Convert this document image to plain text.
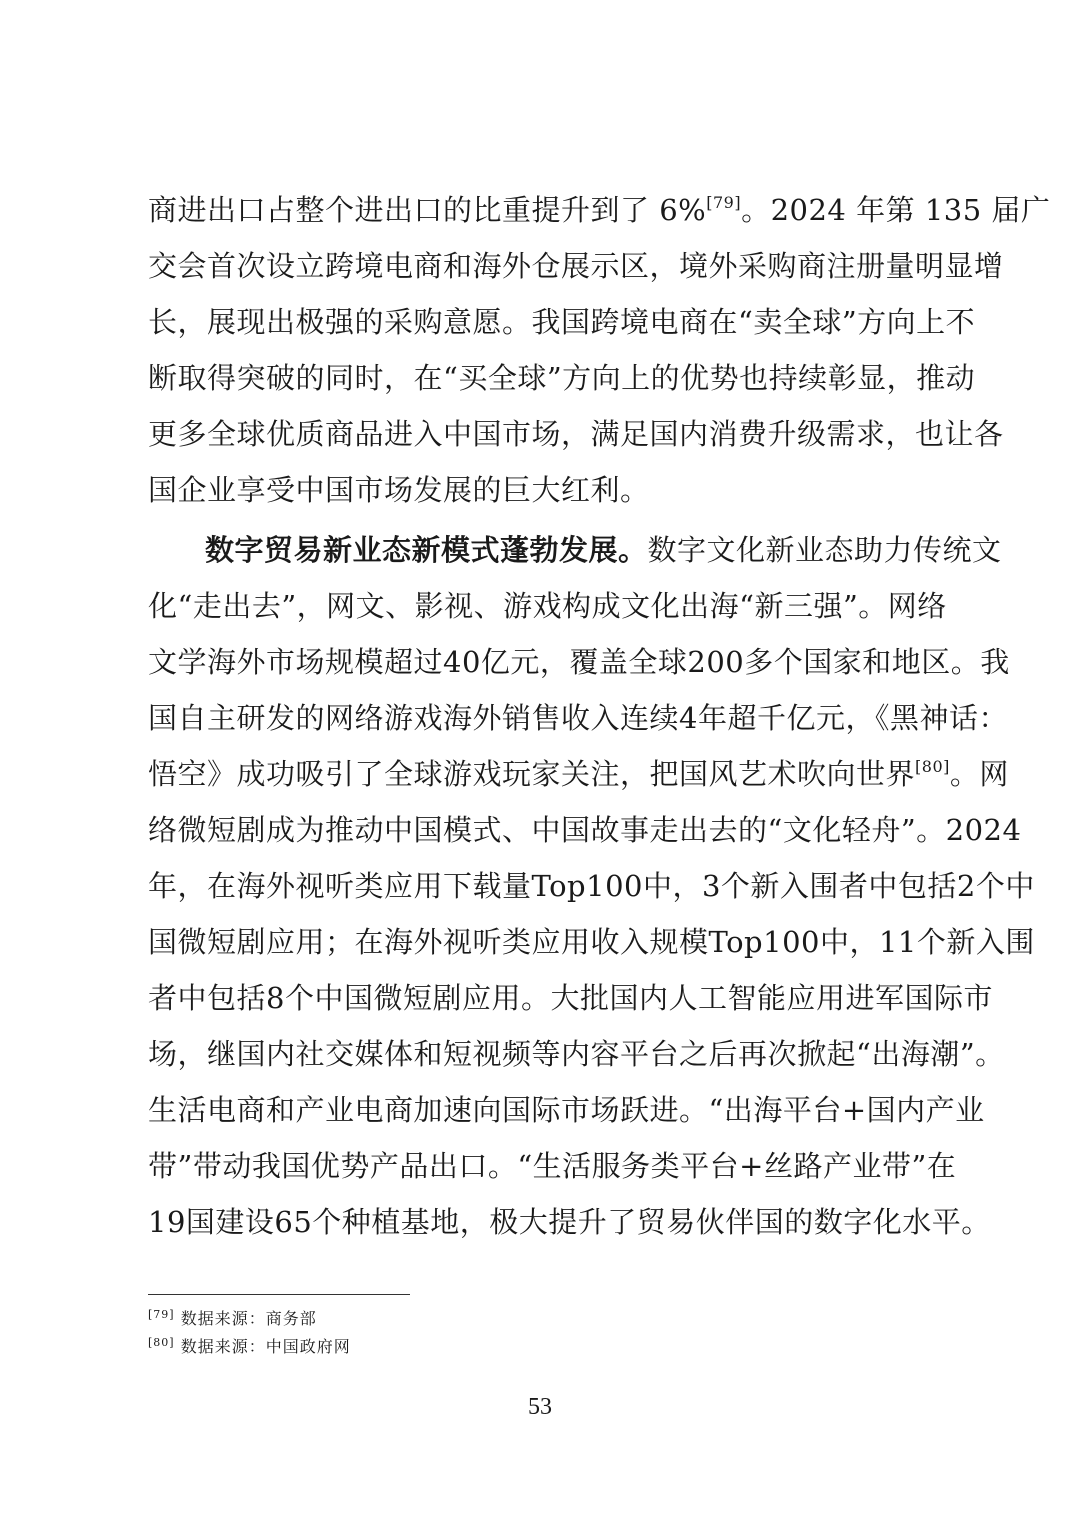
商进出口占整个进出口的比重提升到了 6%[79]。2024 年第 135 届广
交会首次设立跨境电商和海外仓展示区，境外采购商注册量明显增
长，展现出极强的采购意愿。我国跨境电商在“卖全球”方向上不
断取得突破的同时，在“买全球”方向上的优势也持续彰显，推动
更多全球优质商品进入中国市场，满足国内消费升级需求，也让各
国企业享受中国市场发展的巨大红利。
数字贸易新业态新模式蓬勃发展。数字文化新业态助力传统文
化“走出去”，网文、影视、游戏构成文化出海“新三强”。网络
文学海外市场规模超过40亿元，覆盖全球200多个国家和地区。我
国自主研发的网络游戏海外销售收入连续4年超千亿元，《黑神话：
悟空》成功吸引了全球游戏玩家关注，把国风艺术吹向世界[80]。网
络微短剧成为推动中国模式、中国故事走出去的“文化轻舟”。2024
年，在海外视听类应用下载量Top100中，3个新入围者中包括2个中
国微短剧应用；在海外视听类应用收入规模Top100中，11个新入围
者中包括8个中国微短剧应用。大批国内人工智能应用进军国际市
场，继国内社交媒体和短视频等内容平台之后再次掀起“出海潮”。
生活电商和产业电商加速向国际市场跃进。“出海平台+国内产业
带”带动我国优势产品出口。“生活服务类平台+丝路产业带”在
19国建设65个种植基地，极大提升了贸易伙伴国的数字化水平。
[79] 数据来源：商务部
[80] 数据来源：中国政府网
53
